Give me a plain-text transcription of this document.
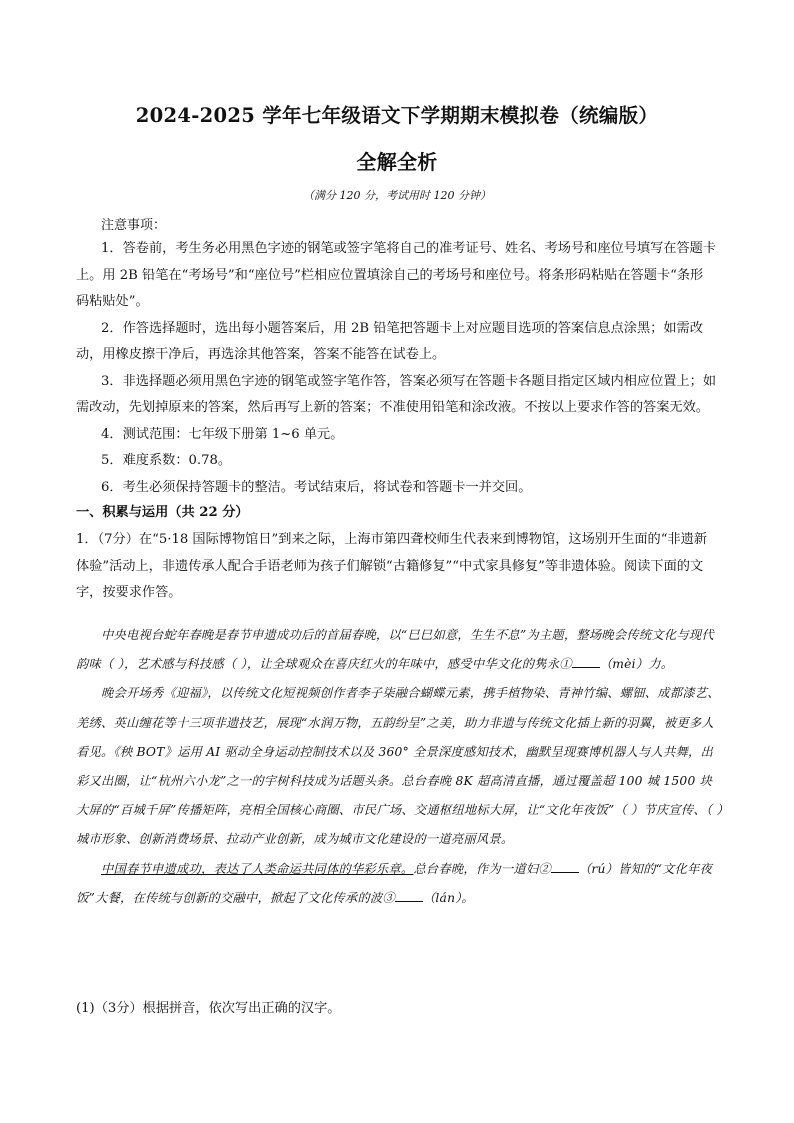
2024-2025 学年七年级语文下学期期末模拟卷（统编版）
全解全析
（满分 120 分，考试用时 120 分钟）
注意事项：

1．答卷前，考生务必用黑色字迹的钢笔或签字笔将自己的准考证号、姓名、考场号和座位号填写在答题卡上。用 2B 铅笔在“考场号”和“座位号”栏相应位置填涂自己的考场号和座位号。将条形码粘贴在答题卡“条形码粘贴处”。

2．作答选择题时，选出每小题答案后，用 2B 铅笔把答题卡上对应题目选项的答案信息点涂黑；如需改动，用橡皮擦干净后，再选涂其他答案，答案不能答在试卷上。

3．非选择题必须用黑色字迹的钢笔或签字笔作答，答案必须写在答题卡各题目指定区域内相应位置上；如需改动，先划掉原来的答案，然后再写上新的答案；不准使用铅笔和涂改液。不按以上要求作答的答案无效。

4．测试范围：七年级下册第 1~6 单元。

5．难度系数：0.78。

6．考生必须保持答题卡的整洁。考试结束后，将试卷和答题卡一并交回。

一、积累与运用（共 22 分）

1．（7分）在“5·18 国际博物馆日”到来之际，上海市第四聋校师生代表来到博物馆，这场别开生面的“非遗新体验”活动上，非遗传承人配合手语老师为孩子们解锁“古籍修复”“中式家具修复”等非遗体验。阅读下面的文字，按要求作答。

中央电视台蛇年春晚是春节申遗成功后的首届春晚，以“巳巳如意，生生不息”为主题，整场晚会传统文化与现代韵味（ ），艺术感与科技感（ ），让全球观众在喜庆红火的年味中，感受中华文化的隽永① （mèi）力。

晚会开场秀《迎福》，以传统文化短视频创作者李子柒融合蝴蝶元素，携手植物染、青神竹编、螺钿、成都漆艺、羌绣、英山缠花等十三项非遗技艺，展现“水润万物，五韵纷呈”之美，助力非遗与传统文化插上新的羽翼，被更多人看见。《秧 BOT》运用 AI 驱动全身运动控制技术以及 360° 全景深度感知技术，幽默呈现赛博机器人与人共舞，出彩又出圈，让“杭州六小龙”之一的宇树科技成为话题头条。总台春晚 8K 超高清直播，通过覆盖超 100 城 1500 块大屏的“百城千屏”传播矩阵，亮相全国核心商圈、市民广场、交通枢纽地标大屏，让“文化年夜饭”（ ）节庆宣传、（ ）城市形象、创新消费场景、拉动产业创新，成为城市文化建设的一道亮丽风景。

中国春节申遗成功，表达了人类命运共同体的华彩乐章。总台春晚，作为一道妇② （rú）皆知的“文化年夜饭”大餐，在传统与创新的交融中，掀起了文化传承的波③ （lán）。

(1)（3分）根据拼音，依次写出正确的汉字。
